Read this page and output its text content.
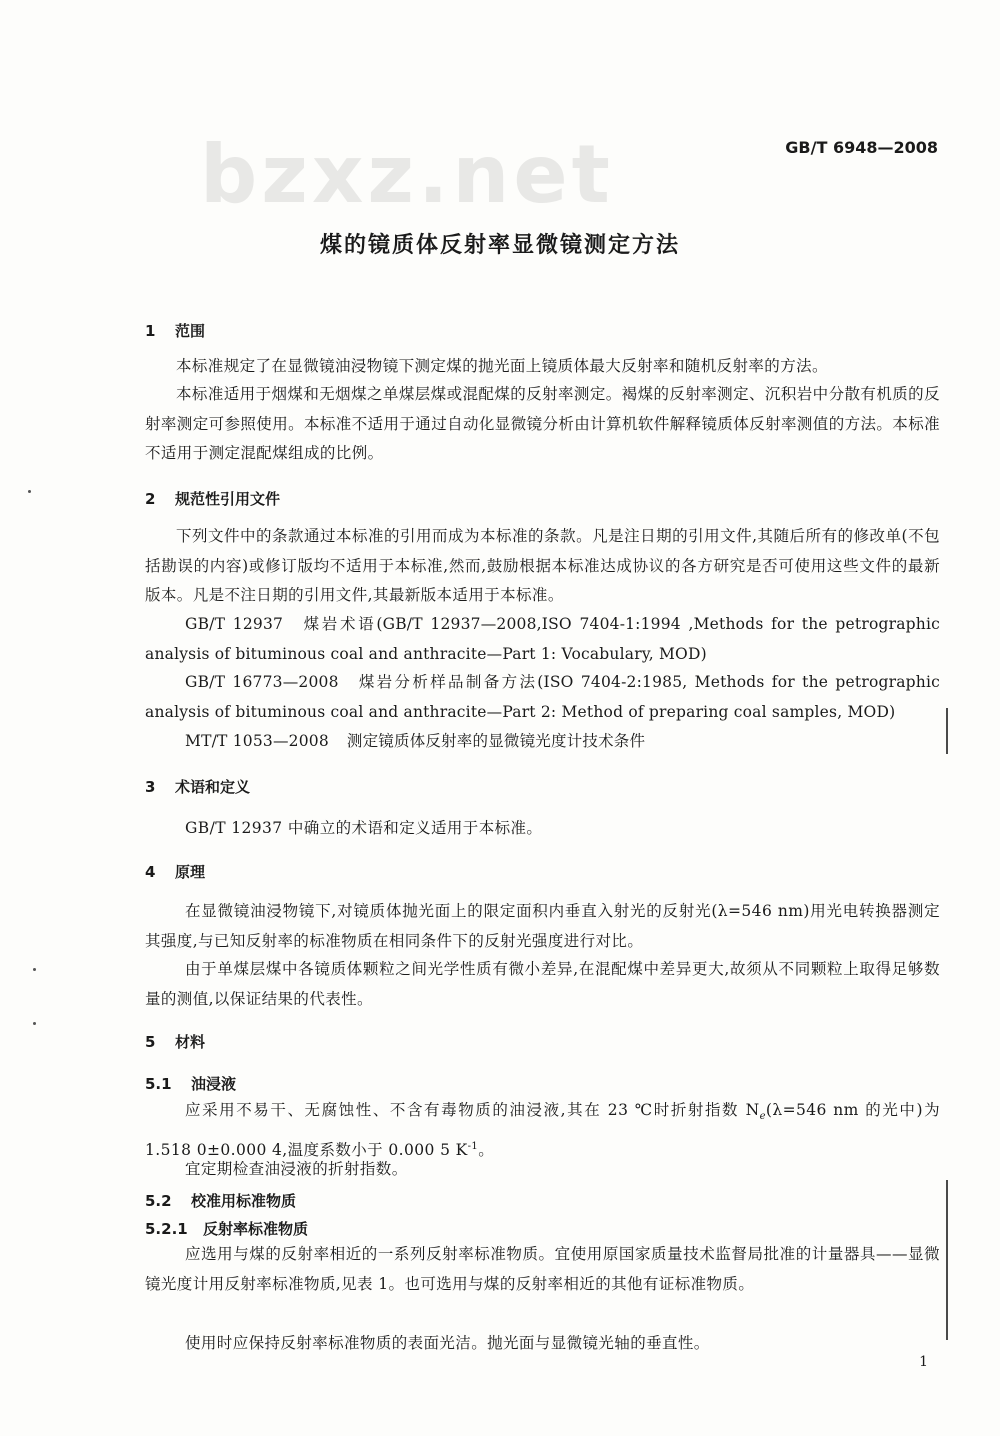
bzxz.net	GB/T 6948—2008
煤的镜质体反射率显微镜测定方法
1 范围
本标准规定了在显微镜油浸物镜下测定煤的抛光面上镜质体最大反射率和随机反射率的方法。
本标准适用于烟煤和无烟煤之单煤层煤或混配煤的反射率测定。褐煤的反射率测定、沉积岩中分散有机质的反射率测定可参照使用。本标准不适用于通过自动化显微镜分析由计算机软件解释镜质体反射率测值的方法。本标准不适用于测定混配煤组成的比例。
2 规范性引用文件
下列文件中的条款通过本标准的引用而成为本标准的条款。凡是注日期的引用文件,其随后所有的修改单(不包括勘误的内容)或修订版均不适用于本标准,然而,鼓励根据本标准达成协议的各方研究是否可使用这些文件的最新版本。凡是不注日期的引用文件,其最新版本适用于本标准。
GB/T 12937 煤岩术语(GB/T 12937—2008,ISO 7404-1:1994 ,Methods for the petrographic analysis of bituminous coal and anthracite—Part 1: Vocabulary, MOD)
GB/T 16773—2008 煤岩分析样品制备方法(ISO 7404-2:1985, Methods for the petrographic analysis of bituminous coal and anthracite—Part 2: Method of preparing coal samples, MOD)
MT/T 1053—2008 测定镜质体反射率的显微镜光度计技术条件
3 术语和定义
GB/T 12937 中确立的术语和定义适用于本标准。
4 原理
在显微镜油浸物镜下,对镜质体抛光面上的限定面积内垂直入射光的反射光(λ=546 nm)用光电转换器测定其强度,与已知反射率的标准物质在相同条件下的反射光强度进行对比。
由于单煤层煤中各镜质体颗粒之间光学性质有微小差异,在混配煤中差异更大,故须从不同颗粒上取得足够数量的测值,以保证结果的代表性。
5 材料
5.1 油浸液
应采用不易干、无腐蚀性、不含有毒物质的油浸液,其在 23 ℃时折射指数 $N_e(\lambda=546$ nm 的光中)为 1.518 0±0.000 4,温度系数小于 0.000 5 $K^{-1}$。
宜定期检查油浸液的折射指数。
5.2 校准用标准物质
5.2.1 反射率标准物质
应选用与煤的反射率相近的一系列反射率标准物质。宜使用原国家质量技术监督局批准的计量器具——显微镜光度计用反射率标准物质,见表 1。也可选用与煤的反射率相近的其他有证标准物质。
使用时应保持反射率标准物质的表面光洁。抛光面与显微镜光轴的垂直性。
1
